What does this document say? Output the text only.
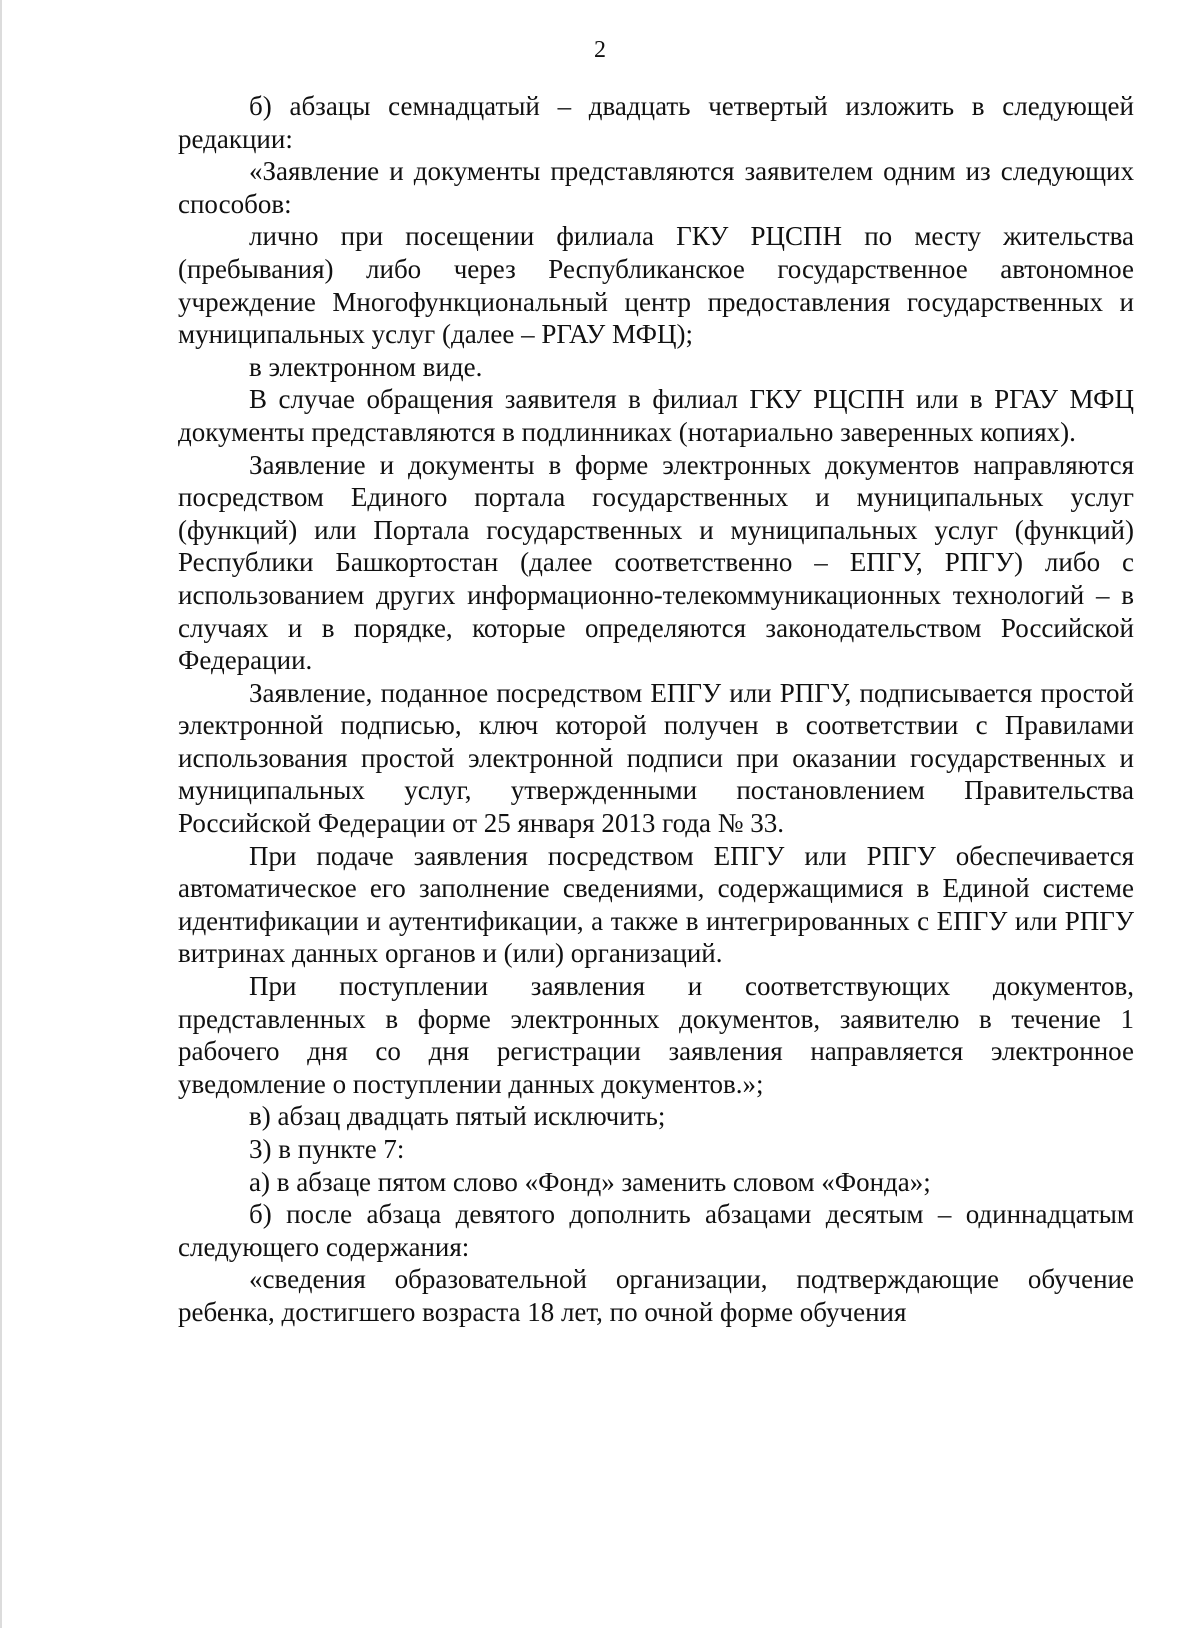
2

б) абзацы семнадцатый – двадцать четвертый изложить в следующей редакции:

«Заявление и документы представляются заявителем одним из следующих способов:

лично при посещении филиала ГКУ РЦСПН по месту жительства (пребывания) либо через Республиканское государственное автономное учреждение Многофункциональный центр предоставления государственных и муниципальных услуг (далее – РГАУ МФЦ);

в электронном виде.

В случае обращения заявителя в филиал ГКУ РЦСПН или в РГАУ МФЦ документы представляются в подлинниках (нотариально заверенных копиях).

Заявление и документы в форме электронных документов направляются посредством Единого портала государственных и муниципальных услуг (функций) или Портала государственных и муниципальных услуг (функций) Республики Башкортостан (далее соответственно – ЕПГУ, РПГУ) либо с использованием других информационно-телекоммуникационных технологий – в случаях и в порядке, которые определяются законодательством Российской Федерации.

Заявление, поданное посредством ЕПГУ или РПГУ, подписывается простой электронной подписью, ключ которой получен в соответствии с Правилами использования простой электронной подписи при оказании государственных и муниципальных услуг, утвержденными постановлением Правительства Российской Федерации от 25 января 2013 года № 33.

При подаче заявления посредством ЕПГУ или РПГУ обеспечивается автоматическое его заполнение сведениями, содержащимися в Единой системе идентификации и аутентификации, а также в интегрированных с ЕПГУ или РПГУ витринах данных органов и (или) организаций.

При поступлении заявления и соответствующих документов, представленных в форме электронных документов, заявителю в течение 1 рабочего дня со дня регистрации заявления направляется электронное уведомление о поступлении данных документов.»;

в) абзац двадцать пятый исключить;

3) в пункте 7:

а) в абзаце пятом слово «Фонд» заменить словом «Фонда»;

б) после абзаца девятого дополнить абзацами десятым – одиннадцатым следующего содержания:

«сведения образовательной организации, подтверждающие обучение ребенка, достигшего возраста 18 лет, по очной форме обучения
